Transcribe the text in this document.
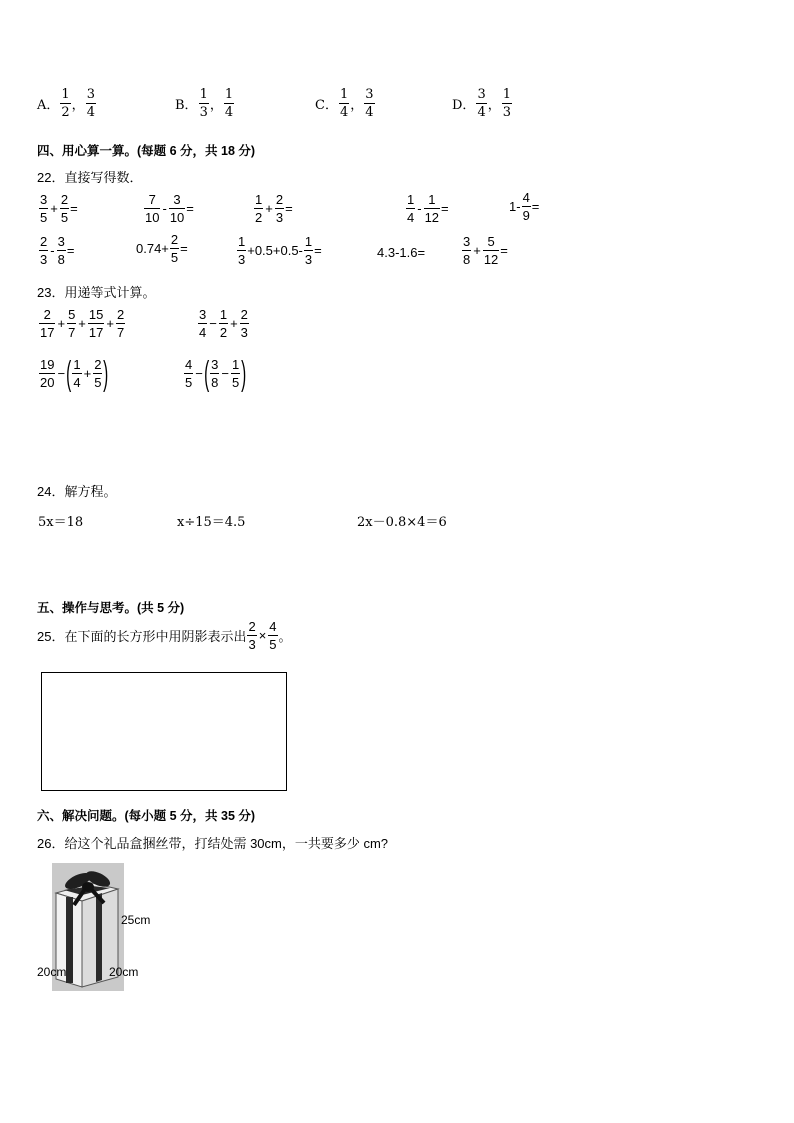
A． $\frac{1}{2}$ ， $\frac{3}{4}$	B． $\frac{1}{3}$ ， $\frac{1}{4}$	C． $\frac{1}{4}$ ， $\frac{3}{4}$	D． $\frac{3}{4}$ ， $\frac{1}{3}$
四、用心算一算。(每题 6 分，共 18 分)
22．直接写得数．
$\frac{3}{5} + \frac{2}{5}$ =	$\frac{7}{10} - \frac{3}{10}$ =	$\frac{1}{2} + \frac{2}{3}$ =	$\frac{1}{4} - \frac{1}{12}$ =	$1- \frac{4}{9}$ =
$\frac{2}{3} - \frac{3}{8}$ =	$0.74+ \frac{2}{5}$ =	$\frac{1}{3} +0.5+0.5- \frac{1}{3}$ =	4.3-1.6=	$\frac{3}{8} + \frac{5}{12}$ =
23．用递等式计算。
$\frac{2}{17} + \frac{5}{7} + \frac{15}{17} + \frac{2}{7}$	$\frac{3}{4} - \frac{1}{2} + \frac{2}{3}$
$\frac{19}{20}$ − ( $\frac{1}{4} + \frac{2}{5}$ )	$\frac{4}{5}$ − ( $\frac{3}{8} - \frac{1}{5}$ )
24．解方程。
5x＝18	x÷15＝4.5	2x－0.8×4＝6
五、操作与思考。(共 5 分)
25．在下面的长方形中用阴影表示出 $\frac{2}{3} \times \frac{4}{5}$ 。
六、解决问题。(每小题 5 分，共 35 分)
26．给这个礼品盒捆丝带，打结处需 30cm，一共要多少 cm?
25cm
20cm	20cm
